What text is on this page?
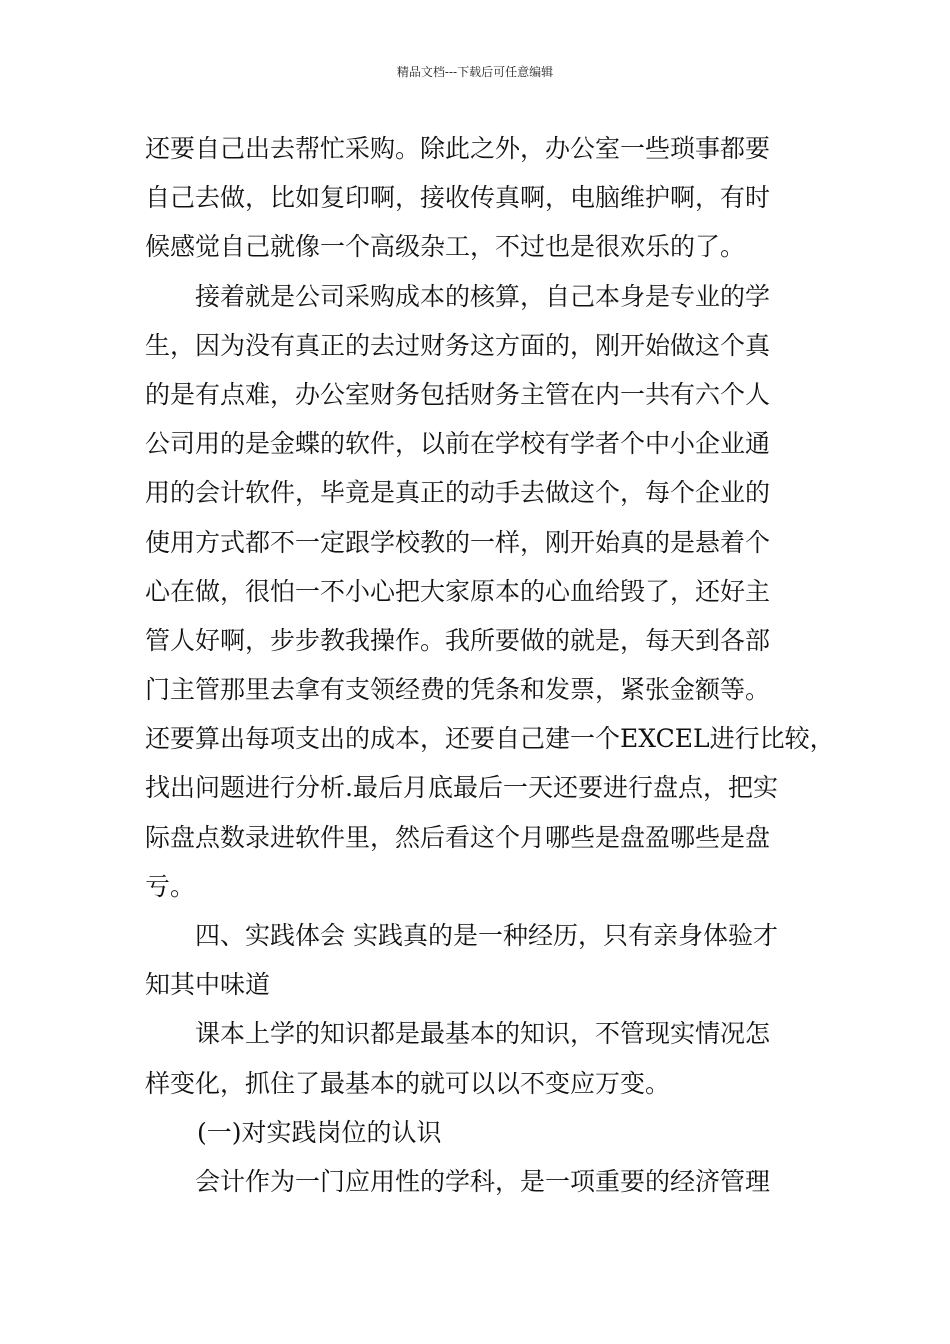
精品文档---下载后可任意编辑
还要自己出去帮忙采购。除此之外，办公室一些琐事都要
自己去做，比如复印啊，接收传真啊，电脑维护啊，有时
候感觉自己就像一个高级杂工，不过也是很欢乐的了。
接着就是公司采购成本的核算，自己本身是专业的学
生，因为没有真正的去过财务这方面的，刚开始做这个真
的是有点难，办公室财务包括财务主管在内一共有六个人
公司用的是金蝶的软件，以前在学校有学者个中小企业通
用的会计软件，毕竟是真正的动手去做这个，每个企业的
使用方式都不一定跟学校教的一样，刚开始真的是悬着个
心在做，很怕一不小心把大家原本的心血给毁了，还好主
管人好啊，步步教我操作。我所要做的就是，每天到各部
门主管那里去拿有支领经费的凭条和发票，紧张金额等。
还要算出每项支出的成本，还要自己建一个EXCEL进行比较，
找出问题进行分析.最后月底最后一天还要进行盘点，把实
际盘点数录进软件里，然后看这个月哪些是盘盈哪些是盘
亏。
四、实践体会 实践真的是一种经历，只有亲身体验才
知其中味道
课本上学的知识都是最基本的知识，不管现实情况怎
样变化，抓住了最基本的就可以以不变应万变。
(一)对实践岗位的认识
会计作为一门应用性的学科，是一项重要的经济管理
